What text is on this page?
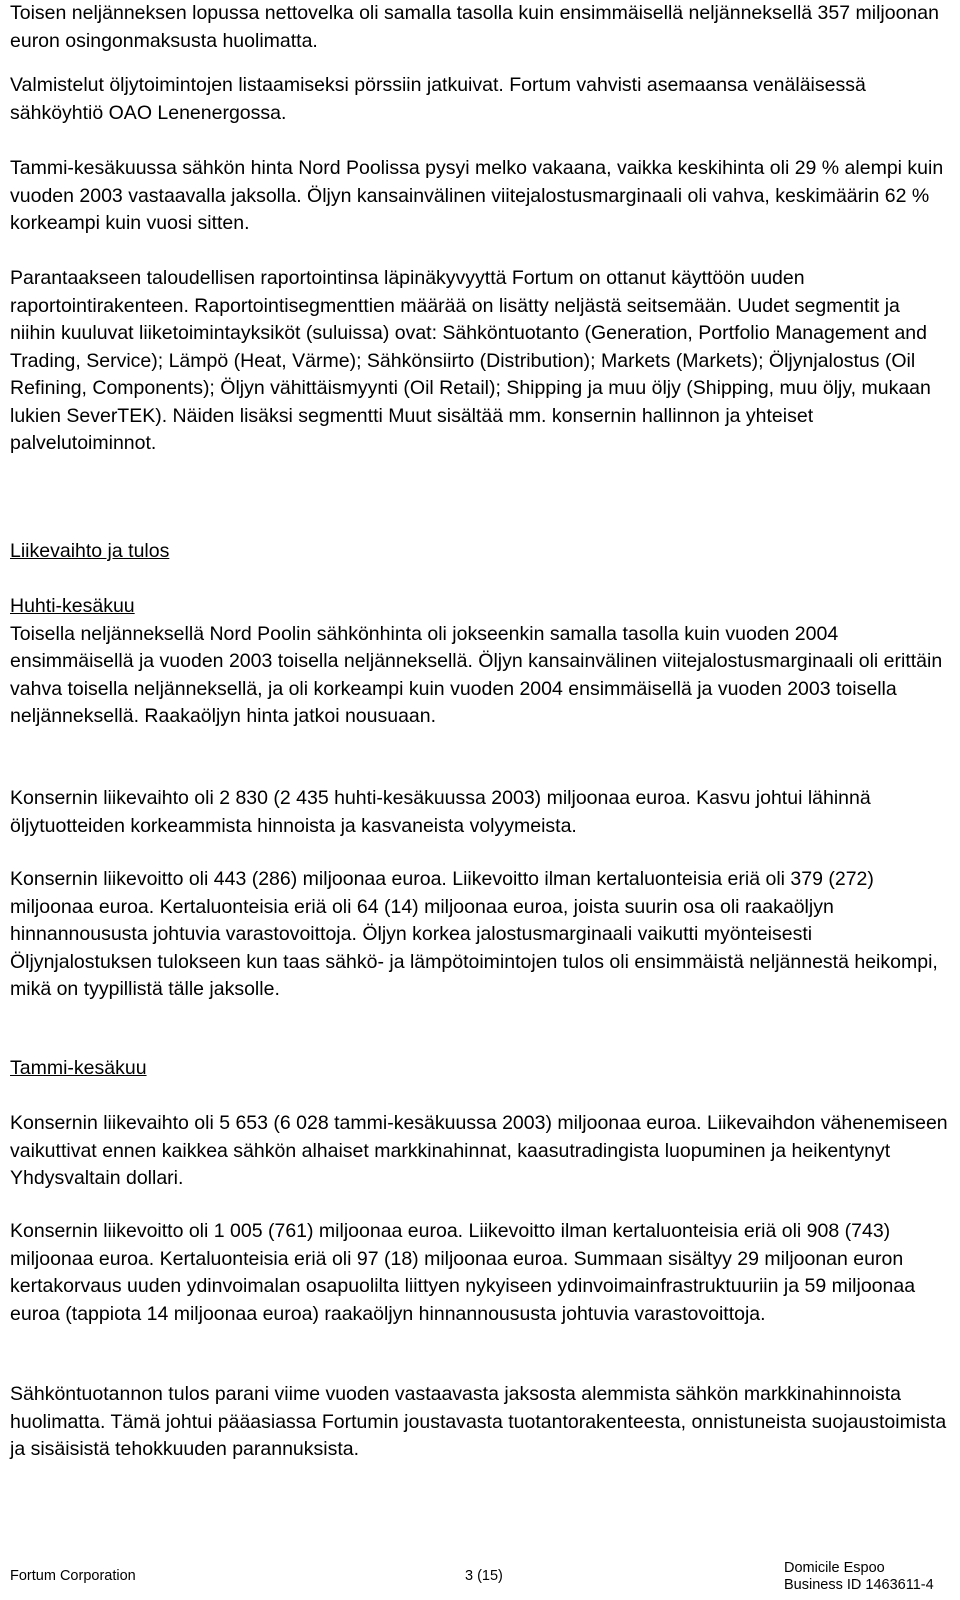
Toisen neljänneksen lopussa nettovelka oli samalla tasolla kuin ensimmäisellä neljänneksellä 357 miljoonan euron osingonmaksusta huolimatta.

Valmistelut öljytoimintojen listaamiseksi pörssiin jatkuivat. Fortum vahvisti asemaansa venäläisessä sähköyhtiö OAO Lenenergossa.

Tammi-kesäkuussa sähkön hinta Nord Poolissa pysyi melko vakaana, vaikka keskihinta oli 29 % alempi kuin vuoden 2003 vastaavalla jaksolla. Öljyn kansainvälinen viitejalostusmarginaali oli vahva, keskimäärin 62 % korkeampi kuin vuosi sitten.

Parantaakseen taloudellisen raportointinsa läpinäkyvyyttä Fortum on ottanut käyttöön uuden raportointirakenteen. Raportointisegmenttien määrää on lisätty neljästä seitsemään. Uudet segmentit ja niihin kuuluvat liiketoimintayksiköt (suluissa) ovat: Sähköntuotanto (Generation, Portfolio Management and Trading, Service); Lämpö (Heat, Värme); Sähkönsiirto (Distribution); Markets (Markets); Öljynjalostus (Oil Refining, Components); Öljyn vähittäismyynti (Oil Retail); Shipping ja muu öljy (Shipping, muu öljy, mukaan lukien SeverTEK). Näiden lisäksi segmentti Muut sisältää mm. konsernin hallinnon ja yhteiset palvelutoiminnot.

Liikevaihto ja tulos

Huhti-kesäkuu

Toisella neljänneksellä Nord Poolin sähkönhinta oli jokseenkin samalla tasolla kuin vuoden 2004 ensimmäisellä ja vuoden 2003 toisella neljänneksellä. Öljyn kansainvälinen viitejalostusmarginaali oli erittäin vahva toisella neljänneksellä, ja oli korkeampi kuin vuoden 2004 ensimmäisellä ja vuoden 2003 toisella neljänneksellä. Raakaöljyn hinta jatkoi nousuaan.

Konsernin liikevaihto oli 2 830 (2 435 huhti-kesäkuussa 2003) miljoonaa euroa. Kasvu johtui lähinnä öljytuotteiden korkeammista hinnoista ja kasvaneista volyymeista.

Konsernin liikevoitto oli 443 (286) miljoonaa euroa. Liikevoitto ilman kertaluonteisia eriä oli 379 (272) miljoonaa euroa. Kertaluonteisia eriä oli 64 (14) miljoonaa euroa, joista suurin osa oli raakaöljyn hinnannoususta johtuvia varastovoittoja. Öljyn korkea jalostusmarginaali vaikutti myönteisesti Öljynjalostuksen tulokseen kun taas sähkö- ja lämpötoimintojen tulos oli ensimmäistä neljännestä heikompi, mikä on tyypillistä tälle jaksolle.

Tammi-kesäkuu

Konsernin liikevaihto oli 5 653 (6 028 tammi-kesäkuussa 2003) miljoonaa euroa. Liikevaihdon vähenemiseen vaikuttivat ennen kaikkea sähkön alhaiset markkinahinnat, kaasutradingista luopuminen ja heikentynyt Yhdysvaltain dollari.

Konsernin liikevoitto oli 1 005 (761) miljoonaa euroa. Liikevoitto ilman kertaluonteisia eriä oli 908 (743) miljoonaa euroa. Kertaluonteisia eriä oli 97 (18) miljoonaa euroa. Summaan sisältyy 29 miljoonan euron kertakorvaus uuden ydinvoimalan osapuolilta liittyen nykyiseen ydinvoimainfrastruktuuriin ja 59 miljoonaa euroa (tappiota 14 miljoonaa euroa) raakaöljyn hinnannoususta johtuvia varastovoittoja.

Sähköntuotannon tulos parani viime vuoden vastaavasta jaksosta alemmista sähkön markkinahinnoista huolimatta. Tämä johtui pääasiassa Fortumin joustavasta tuotantorakenteesta, onnistuneista suojaustoimista ja sisäisistä tehokkuuden parannuksista.

Fortum Corporation	3 (15)	Domicile Espoo
Business ID 1463611-4
